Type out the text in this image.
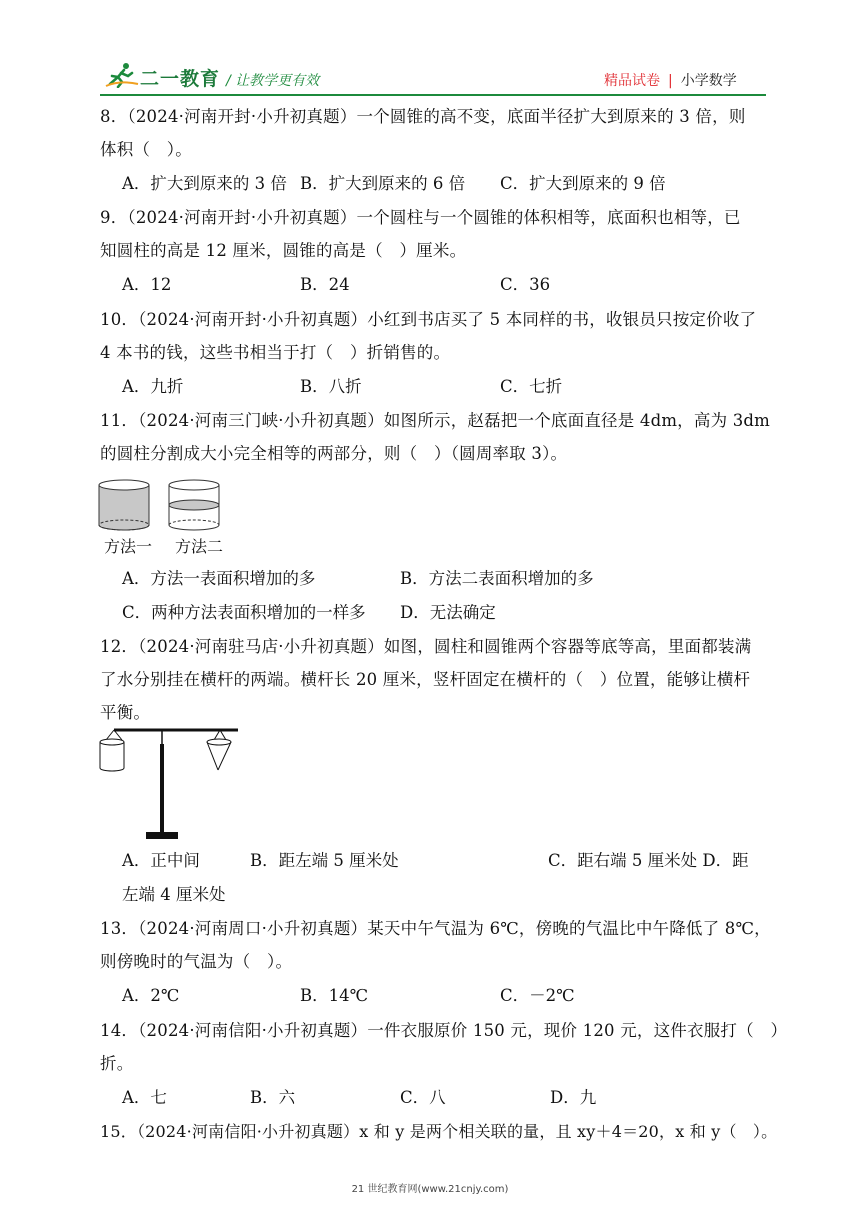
二一教育 / 让教学更有效	精品试卷 | 小学数学
8．（2024·河南开封·小升初真题）一个圆锥的高不变，底面半径扩大到原来的 3 倍，则
体积（　）。
A．扩大到原来的 3 倍 B．扩大到原来的 6 倍 C．扩大到原来的 9 倍
9．（2024·河南开封·小升初真题）一个圆柱与一个圆锥的体积相等，底面积也相等，已
知圆柱的高是 12 厘米，圆锥的高是（　）厘米。
A．12	B．24	C．36
10．（2024·河南开封·小升初真题）小红到书店买了 5 本同样的书，收银员只按定价收了
4 本书的钱，这些书相当于打（　）折销售的。
A．九折	B．八折	C．七折
11．（2024·河南三门峡·小升初真题）如图所示，赵磊把一个底面直径是 4dm，高为 3dm
的圆柱分割成大小完全相等的两部分，则（　）（圆周率取 3）。
方法一 方法二
A．方法一表面积增加的多	B．方法二表面积增加的多
C．两种方法表面积增加的一样多 D．无法确定
12．（2024·河南驻马店·小升初真题）如图，圆柱和圆锥两个容器等底等高，里面都装满
了水分别挂在横杆的两端。横杆长 20 厘米，竖杆固定在横杆的（　）位置，能够让横杆
平衡。
A．正中间	B．距左端 5 厘米处	C．距右端 5 厘米处 D．距
左端 4 厘米处
13．（2024·河南周口·小升初真题）某天中午气温为 6℃，傍晚的气温比中午降低了 8℃，
则傍晚时的气温为（　）。
A．2℃	B．14℃	C．－2℃
14．（2024·河南信阳·小升初真题）一件衣服原价 150 元，现价 120 元，这件衣服打（　）
折。
A．七	B．六	C．八	D．九
15．（2024·河南信阳·小升初真题）x 和 y 是两个相关联的量，且 xy＋4＝20，x 和 y（　）。
21 世纪教育网(www.21cnjy.com)
